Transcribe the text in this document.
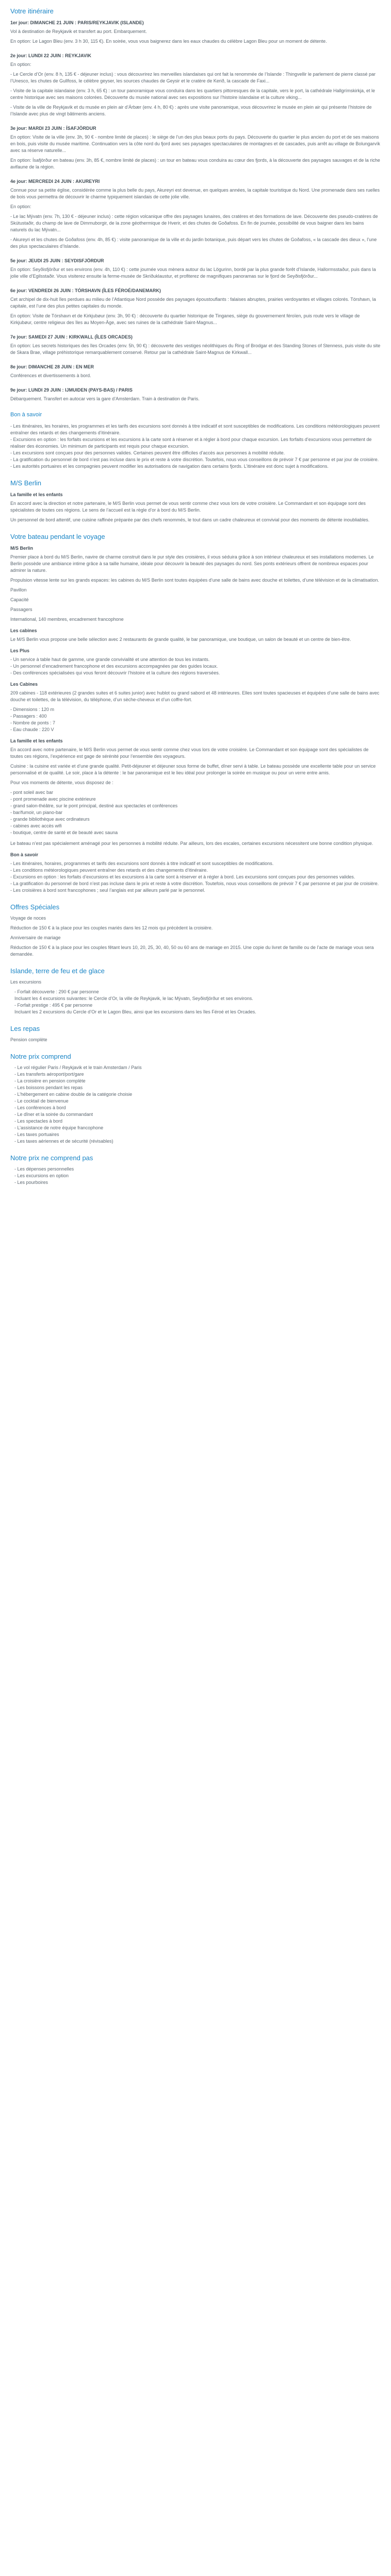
Votre itinéraire
1er jour: DIMANCHE 21 JUIN : PARIS/REYKJAVIK (ISLANDE)
Vol à destination de Reykjavik et transfert au port. Embarquement.
En option: Le Lagon Bleu (env. 3 h 30, 115 €). En soirée, vous vous baignerez dans les eaux chaudes du célèbre Lagon Bleu pour un moment de détente.
2e jour: LUNDI 22 JUIN : REYKJAVIK
En option:
- Le Cercle d’Or (env. 8 h, 135 € - déjeuner inclus) : vous découvrirez les merveilles islandaises qui ont fait la renommée de l’Islande : Thingvellir le parlement de pierre classé par l’Unesco, les chutes de Gullfoss, le célèbre geyser, les sources chaudes de Geysir et le cratère de Kerið, la cascade de Faxi...
- Visite de la capitale islandaise (env. 3 h, 65 €) : un tour panoramique vous conduira dans les quartiers pittoresques de la capitale, vers le port, la cathédrale Hallgrímskirkja, et le centre historique avec ses maisons colorées. Découverte du musée national avec ses expositions sur l’histoire islandaise et la culture viking...
- Visite de la ville de Reykjavik et du musée en plein air d’Árbær (env. 4 h, 80 €) : après une visite panoramique, vous découvrirez le musée en plein air qui présente l’histoire de l’Islande avec plus de vingt bâtiments anciens.
3e jour: MARDI 23 JUIN : ÍSAFJÖRDUR
En option: Visite de la ville (env. 3h, 90 € - nombre limité de places) : le siège de l’un des plus beaux ports du pays. Découverte du quartier le plus ancien du port et de ses maisons en bois, puis visite du musée maritime. Continuation vers la côte nord du fjord avec ses paysages spectaculaires de montagnes et de cascades, puis arrêt au village de Bolungarvík avec sa réserve naturelle...
En option: Ísafjörður en bateau (env. 3h, 85 €, nombre limité de places) : un tour en bateau vous conduira au cœur des fjords, à la découverte des paysages sauvages et de la riche avifaune de la région.
4e jour: MERCREDI 24 JUIN : AKUREYRI
Connue pour sa petite église, considérée comme la plus belle du pays, Akureyri est devenue, en quelques années, la capitale touristique du Nord. Une promenade dans ses ruelles de bois vous permettra de découvrir le charme typiquement islandais de cette jolie ville.
En option:
- Le lac Mývatn (env. 7h, 130 € - déjeuner inclus) : cette région volcanique offre des paysages lunaires, des cratères et des formations de lave. Découverte des pseudo-cratères de Skútustaðir, du champ de lave de Dimmuborgir, de la zone géothermique de Hverir, et des chutes de Goðafoss. En fin de journée, possibilité de vous baigner dans les bains naturels du lac Mývatn...
- Akureyri et les chutes de Goðafoss (env. 4h, 85 €) : visite panoramique de la ville et du jardin botanique, puis départ vers les chutes de Goðafoss, « la cascade des dieux », l’une des plus spectaculaires d’Islande.
5e jour: JEUDI 25 JUIN : SEYDISFJÖRDUR
En option: Seyðisfjörður et ses environs (env. 4h, 110 €) : cette journée vous mènera autour du lac Lögurinn, bordé par la plus grande forêt d’Islande, Hallormsstaður, puis dans la jolie ville d’Egilsstaðir. Vous visiterez ensuite la ferme-musée de Skriðuklaustur, et profiterez de magnifiques panoramas sur le fjord de Seyðisfjörður...
6e jour: VENDREDI 26 JUIN : TÓRSHAVN (ÎLES FÉROÉ/DANEMARK)
Cet archipel de dix-huit îles perdues au milieu de l’Atlantique Nord possède des paysages époustouflants : falaises abruptes, prairies verdoyantes et villages colorés. Tórshavn, la capitale, est l’une des plus petites capitales du monde.
En option: Visite de Tórshavn et de Kirkjubøur (env. 3h, 90 €) : découverte du quartier historique de Tinganes, siège du gouvernement féroïen, puis route vers le village de Kirkjubøur, centre religieux des îles au Moyen-Âge, avec ses ruines de la cathédrale Saint-Magnus...
7e jour: SAMEDI 27 JUIN : KIRKWALL (ÎLES ORCADES)
En option: Les secrets historiques des îles Orcades (env. 5h, 90 €) : découverte des vestiges néolithiques du Ring of Brodgar et des Standing Stones of Stenness, puis visite du site de Skara Brae, village préhistorique remarquablement conservé. Retour par la cathédrale Saint-Magnus de Kirkwall...
8e jour: DIMANCHE 28 JUIN : EN MER
Conférences et divertissements à bord.
9e jour: LUNDI 29 JUIN : IJMUIDEN (PAYS-BAS) / PARIS
Débarquement. Transfert en autocar vers la gare d’Amsterdam. Train à destination de Paris.
Bon à savoir
- Les itinéraires, les horaires, les programmes et les tarifs des excursions sont donnés à titre indicatif et sont susceptibles de modifications. Les conditions météorologiques peuvent entraîner des retards et des changements d’itinéraire.
- Excursions en option : les forfaits excursions et les excursions à la carte sont à réserver et à régler à bord pour chaque excursion. Les forfaits d’excursions vous permettent de réaliser des économies. Un minimum de participants est requis pour chaque excursion.
- Les excursions sont conçues pour des personnes valides. Certaines peuvent être difficiles d’accès aux personnes à mobilité réduite.
- La gratification du personnel de bord n’est pas incluse dans le prix et reste à votre discrétion. Toutefois, nous vous conseillons de prévoir 7 € par personne et par jour de croisière.
- Les autorités portuaires et les compagnies peuvent modifier les autorisations de navigation dans certains fjords. L’itinéraire est donc sujet à modifications.
M/S Berlin
La famille et les enfants
En accord avec la direction et notre partenaire, le M/S Berlin vous permet de vous sentir comme chez vous lors de votre croisière. Le Commandant et son équipage sont des spécialistes de toutes ces régions. Le sens de l’accueil est la règle d’or à bord du M/S Berlin.
Un personnel de bord attentif, une cuisine raffinée préparée par des chefs renommés, le tout dans un cadre chaleureux et convivial pour des moments de détente inoubliables.
Votre bateau pendant le voyage
M/S Berlin
Premier place à bord du M/S Berlin, navire de charme construit dans le pur style des croisières, il vous séduira grâce à son intérieur chaleureux et ses installations modernes. Le Berlin possède une ambiance intime grâce à sa taille humaine, idéale pour découvrir la beauté des paysages du nord. Ses ponts extérieurs offrent de nombreux espaces pour admirer la nature.
Propulsion vitesse lente sur les grands espaces: les cabines du M/S Berlin sont toutes équipées d’une salle de bains avec douche et toilettes, d’une télévision et de la climatisation.
Pavillon
Capacité
Passagers
International, 140 membres, encadrement francophone
Les cabines
Le M/S Berlin vous propose une belle sélection avec 2 restaurants de grande qualité, le bar panoramique, une boutique, un salon de beauté et un centre de bien-être.
Les Plus
- Un service à table haut de gamme, une grande convivialité et une attention de tous les instants.
- Un personnel d’encadrement francophone et des excursions accompagnées par des guides locaux.
- Des conférences spécialisées qui vous feront découvrir l’histoire et la culture des régions traversées.
Les Cabines
209 cabines - 118 extérieures (2 grandes suites et 6 suites junior) avec hublot ou grand sabord et 48 intérieures. Elles sont toutes spacieuses et équipées d’une salle de bains avec douche et toilettes, de la télévision, du téléphone, d’un sèche-cheveux et d’un coffre-fort.
- Dimensions : 120 m
- Passagers : 400
- Nombre de ponts : 7
- Eau chaude : 220 V
La famille et les enfants
En accord avec notre partenaire, le M/S Berlin vous permet de vous sentir comme chez vous lors de votre croisière. Le Commandant et son équipage sont des spécialistes de toutes ces régions, l’expérience est gage de sérénité pour l’ensemble des voyageurs.
Cuisine : la cuisine est variée et d’une grande qualité. Petit-déjeuner et déjeuner sous forme de buffet, dîner servi à table. Le bateau possède une excellente table pour un service personnalisé et de qualité. Le soir, place à la détente : le bar panoramique est le lieu idéal pour prolonger la soirée en musique ou pour un verre entre amis.
Pour vos moments de détente, vous disposez de :
- pont soleil avec bar
- pont promenade avec piscine extérieure
- grand salon-théâtre, sur le pont principal, destiné aux spectacles et conférences
- bar/fumoir, un piano-bar
- grande bibliothèque avec ordinateurs
- cabines avec accès wifi
- boutique, centre de santé et de beauté avec sauna
Le bateau n’est pas spécialement aménagé pour les personnes à mobilité réduite. Par ailleurs, lors des escales, certaines excursions nécessitent une bonne condition physique.
Bon à savoir
- Les itinéraires, horaires, programmes et tarifs des excursions sont donnés à titre indicatif et sont susceptibles de modifications.
- Les conditions météorologiques peuvent entraîner des retards et des changements d’itinéraire.
- Excursions en option : les forfaits d’excursions et les excursions à la carte sont à réserver et à régler à bord. Les excursions sont conçues pour des personnes valides.
- La gratification du personnel de bord n’est pas incluse dans le prix et reste à votre discrétion. Toutefois, nous vous conseillons de prévoir 7 € par personne et par jour de croisière.
- Les croisières à bord sont francophones ; seul l’anglais est par ailleurs parlé par le personnel.
Offres Spéciales
Voyage de noces
Réduction de 150 € à la place pour les couples mariés dans les 12 mois qui précèdent la croisière.
Anniversaire de mariage
Réduction de 150 € à la place pour les couples fêtant leurs 10, 20, 25, 30, 40, 50 ou 60 ans de mariage en 2015. Une copie du livret de famille ou de l’acte de mariage vous sera demandée.
Islande, terre de feu et de glace
Les excursions
- Forfait découverte : 290 € par personne
Incluant les 4 excursions suivantes: le Cercle d’Or, la ville de Reykjavik, le lac Mývatn, Seyðisfjörður et ses environs.
- Forfait prestige : 495 € par personne
Incluant les 2 excursions du Cercle d’Or et le Lagon Bleu, ainsi que les excursions dans les îles Féroé et les Orcades.
Les repas
Pension complète
Notre prix comprend
- Le vol régulier Paris / Reykjavik et le train Amsterdam / Paris
- Les transferts aéroport/port/gare
- La croisière en pension complète
- Les boissons pendant les repas
- L’hébergement en cabine double de la catégorie choisie
- Le cocktail de bienvenue
- Les conférences à bord
- Le dîner et la soirée du commandant
- Les spectacles à bord
- L’assistance de notre équipe francophone
- Les taxes portuaires
- Les taxes aériennes et de sécurité (révisables)
Notre prix ne comprend pas
- Les dépenses personnelles
- Les excursions en option
- Les pourboires
